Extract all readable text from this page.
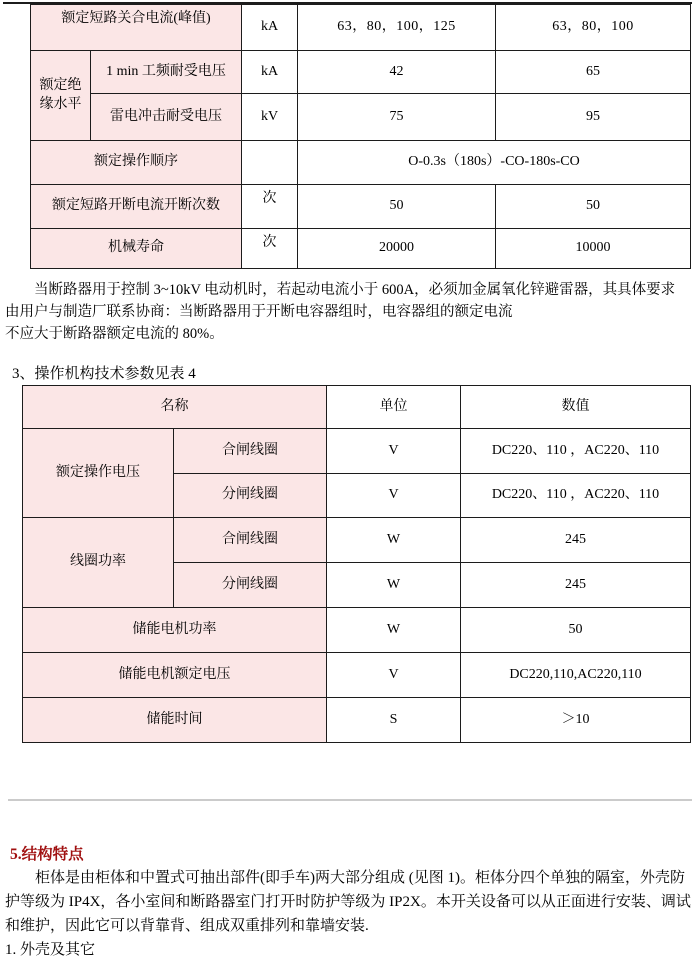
额定短路关合电流(峰值)		kA	63，80，100，125	63，80，100
额定绝缘水平	1 min 工频耐受电压	kA	42	65
	雷电冲击耐受电压	kV	75	95
额定操作顺序			O-0.3s（180s）-CO-180s-CO	
额定短路开断电流开断次数		次	50	50
机械寿命		次	20000	10000
当断路器用于控制 3~10kV 电动机时，若起动电流小于 600A，必须加金属氧化锌避雷器，其具体要求
由用户与制造厂联系协商：当断路器用于开断电容器组时，电容器组的额定电流
不应大于断路器额定电流的 80%。
3、操作机构技术参数见表 4
名称		单位	数值
额定操作电压	合闸线圈	V	DC220、110 ，AC220、110
	分闸线圈	V	DC220、110 ，AC220、110
线圈功率	合闸线圈	W	245
	分闸线圈	W	245
储能电机功率		W	50
储能电机额定电压		V	DC220,110,AC220,110
储能时间		S	＞10
5.结构特点
柜体是由柜体和中置式可抽出部件(即手车)两大部分组成 (见图 1)。柜体分四个单独的隔室，外壳防
护等级为 IP4X，各小室间和断路器室门打开时防护等级为 IP2X。本开关设备可以从正面进行安装、调试
和维护，因此它可以背靠背、组成双重排列和靠墙安装.
1. 外壳及其它
